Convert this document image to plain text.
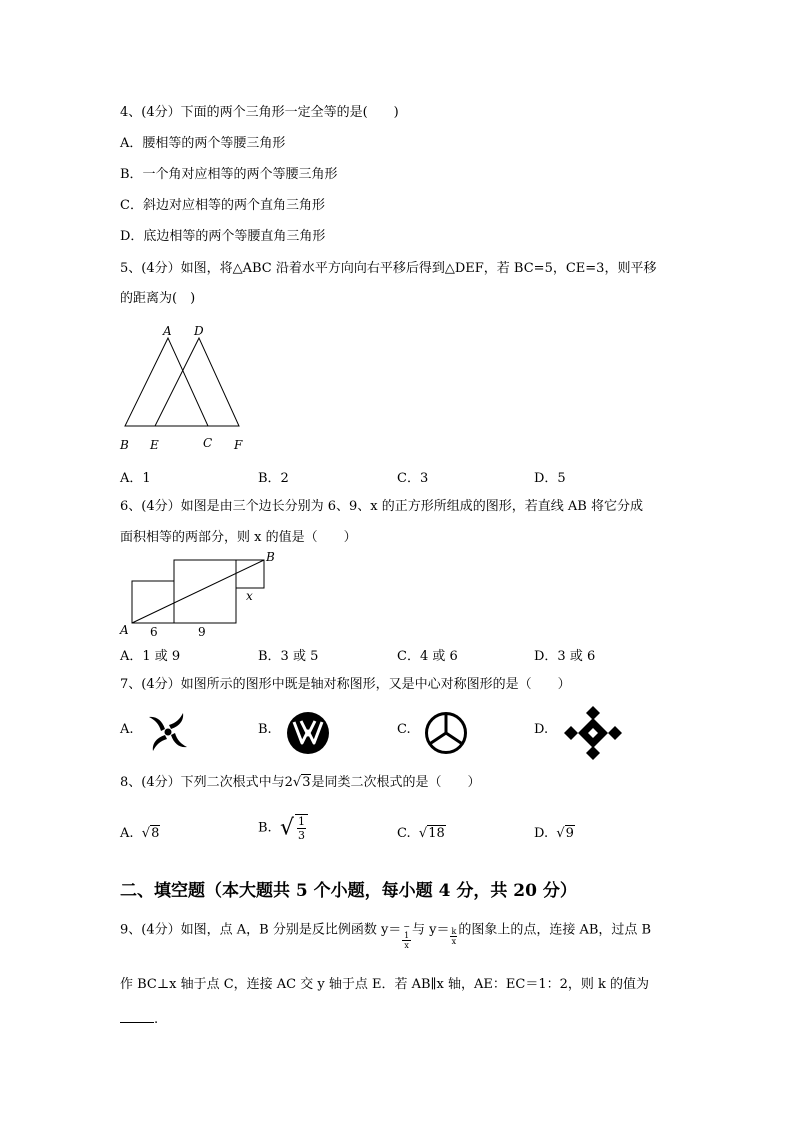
4、(4分）下面的两个三角形一定全等的是(　　)
A．腰相等的两个等腰三角形
B．一个角对应相等的两个等腰三角形
C．斜边对应相等的两个直角三角形
D．底边相等的两个等腰直角三角形
5、(4分）如图，将△ABC 沿着水平方向向右平移后得到△DEF，若 BC=5，CE=3，则平移
的距离为(　)
A D
B E	C F
A．1	B．2	C．3	D．5
6、(4分）如图是由三个边长分别为 6、9、x 的正方形所组成的图形，若直线 AB 将它分成
面积相等的两部分，则 x 的值是（　　）
A
B
6	9
x
A．1 或 9	B．3 或 5	C．4 或 6	D．3 或 6
7、(4分）如图所示的图形中既是轴对称图形，又是中心对称图形的是（　　）
A.	B.	C.	D.
8、(4分）下列二次根式中与2√3是同类二次根式的是（　　）
A.  √8	B. √ $\frac{1}{3}$	C.  √18	D.  √9
二、填空题（本大题共 5 个小题，每小题 4 分，共 20 分）
9、(4分）如图，点 A，B 分别是反比例函数 y＝ −
1
x 与 $y= \frac{k}{x}$ 的图象上的点，连接 AB，过点 B
作 BC⊥x 轴于点 C，连接 AC 交 y 轴于点 E．若 AB∥x 轴，AE：EC＝1：2，则 k 的值为
.
